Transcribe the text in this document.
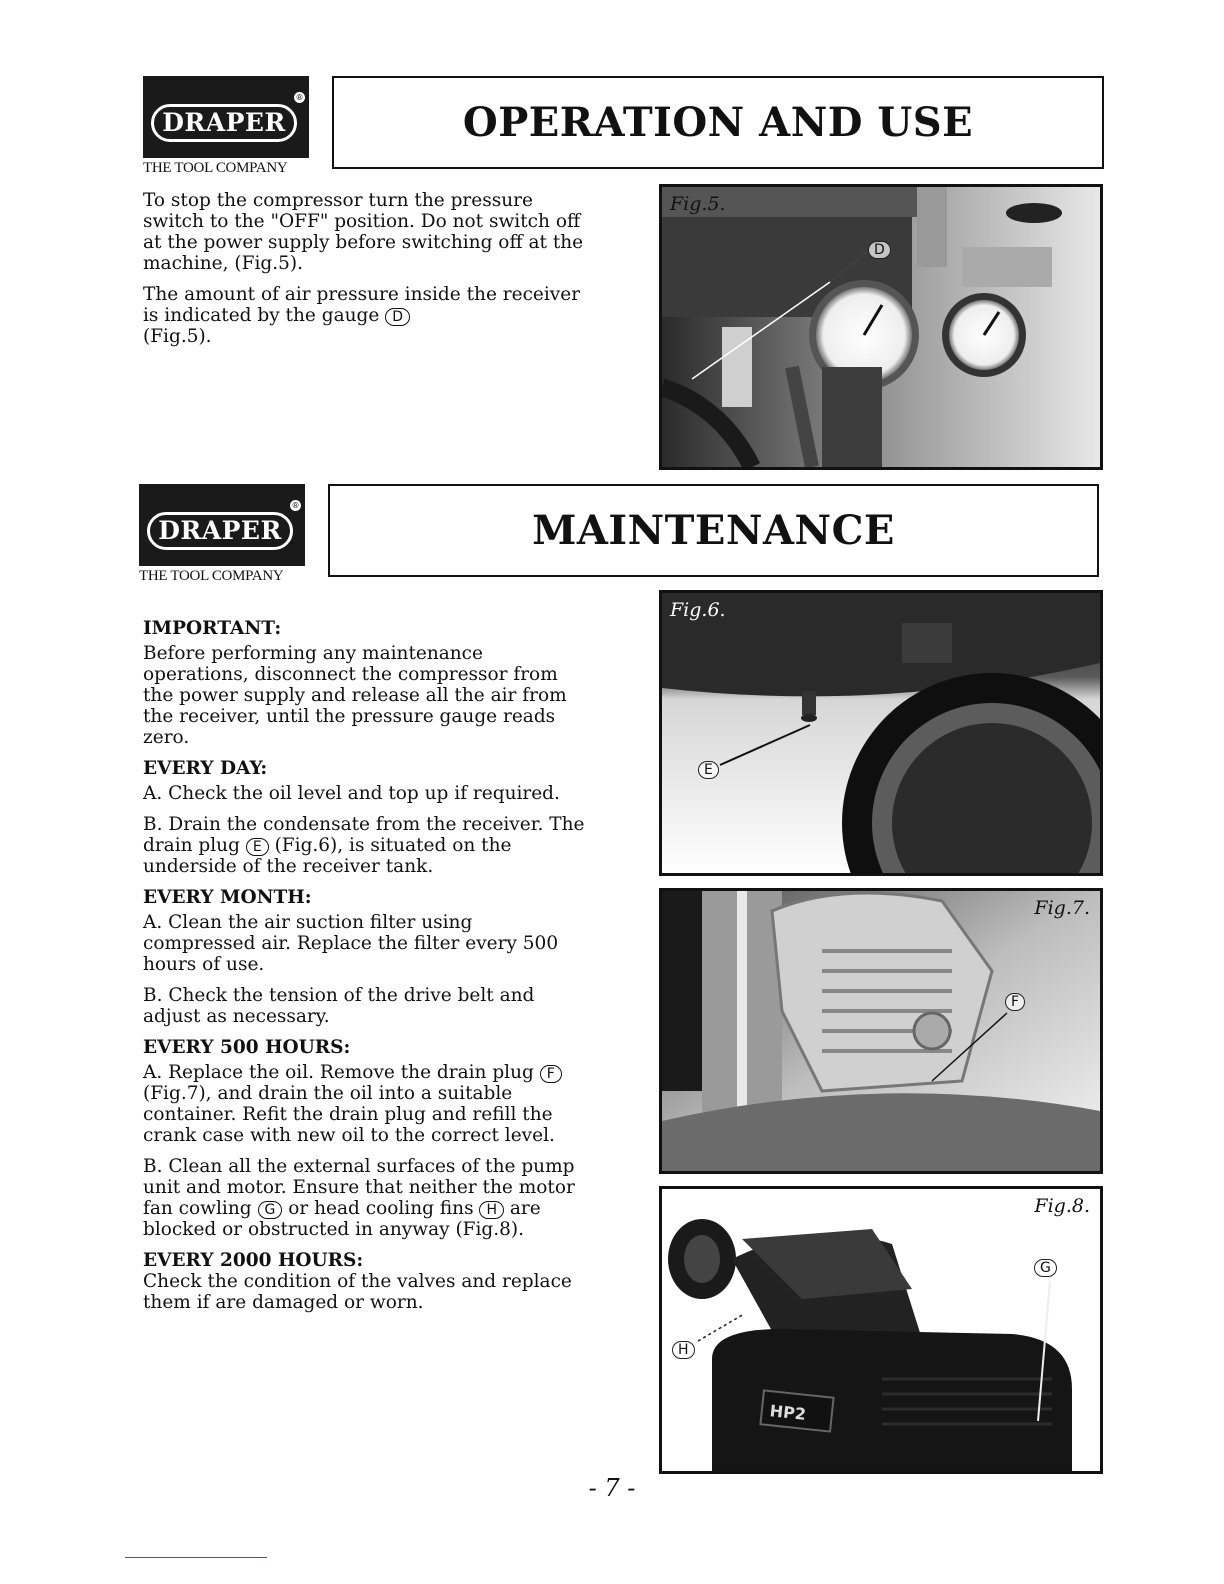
DRAPER
®
THE TOOL COMPANY
OPERATION AND USE

To stop the compressor turn the pressure switch to the "OFF" position. Do not switch off at the power supply before switching off at the machine, (Fig.5).

The amount of air pressure inside the receiver is indicated by the gauge D
(Fig.5).

Fig.5.
D
DRAPER
®
THE TOOL COMPANY
MAINTENANCE
IMPORTANT:

Before performing any maintenance operations, disconnect the compressor from the power supply and release all the air from the receiver, until the pressure gauge reads zero.

EVERY DAY:

A. Check the oil level and top up if required.

B. Drain the condensate from the receiver. The drain plug E (Fig.6), is situated on the underside of the receiver tank.

EVERY MONTH:

A. Clean the air suction filter using compressed air. Replace the filter every 500 hours of use.

B. Check the tension of the drive belt and adjust as necessary.

EVERY 500 HOURS:

A. Replace the oil. Remove the drain plug F (Fig.7), and drain the oil into a suitable container. Refit the drain plug and refill the crank case with new oil to the correct level.

B. Clean all the external surfaces of the pump unit and motor. Ensure that neither the motor fan cowling G or head cooling fins H are blocked or obstructed in anyway (Fig.8).

EVERY 2000 HOURS:

Check the condition of the valves and replace them if are damaged or worn.

Fig.6.
E
Fig.7.
F
HP2
Fig.8.
G
H
- 7 -
